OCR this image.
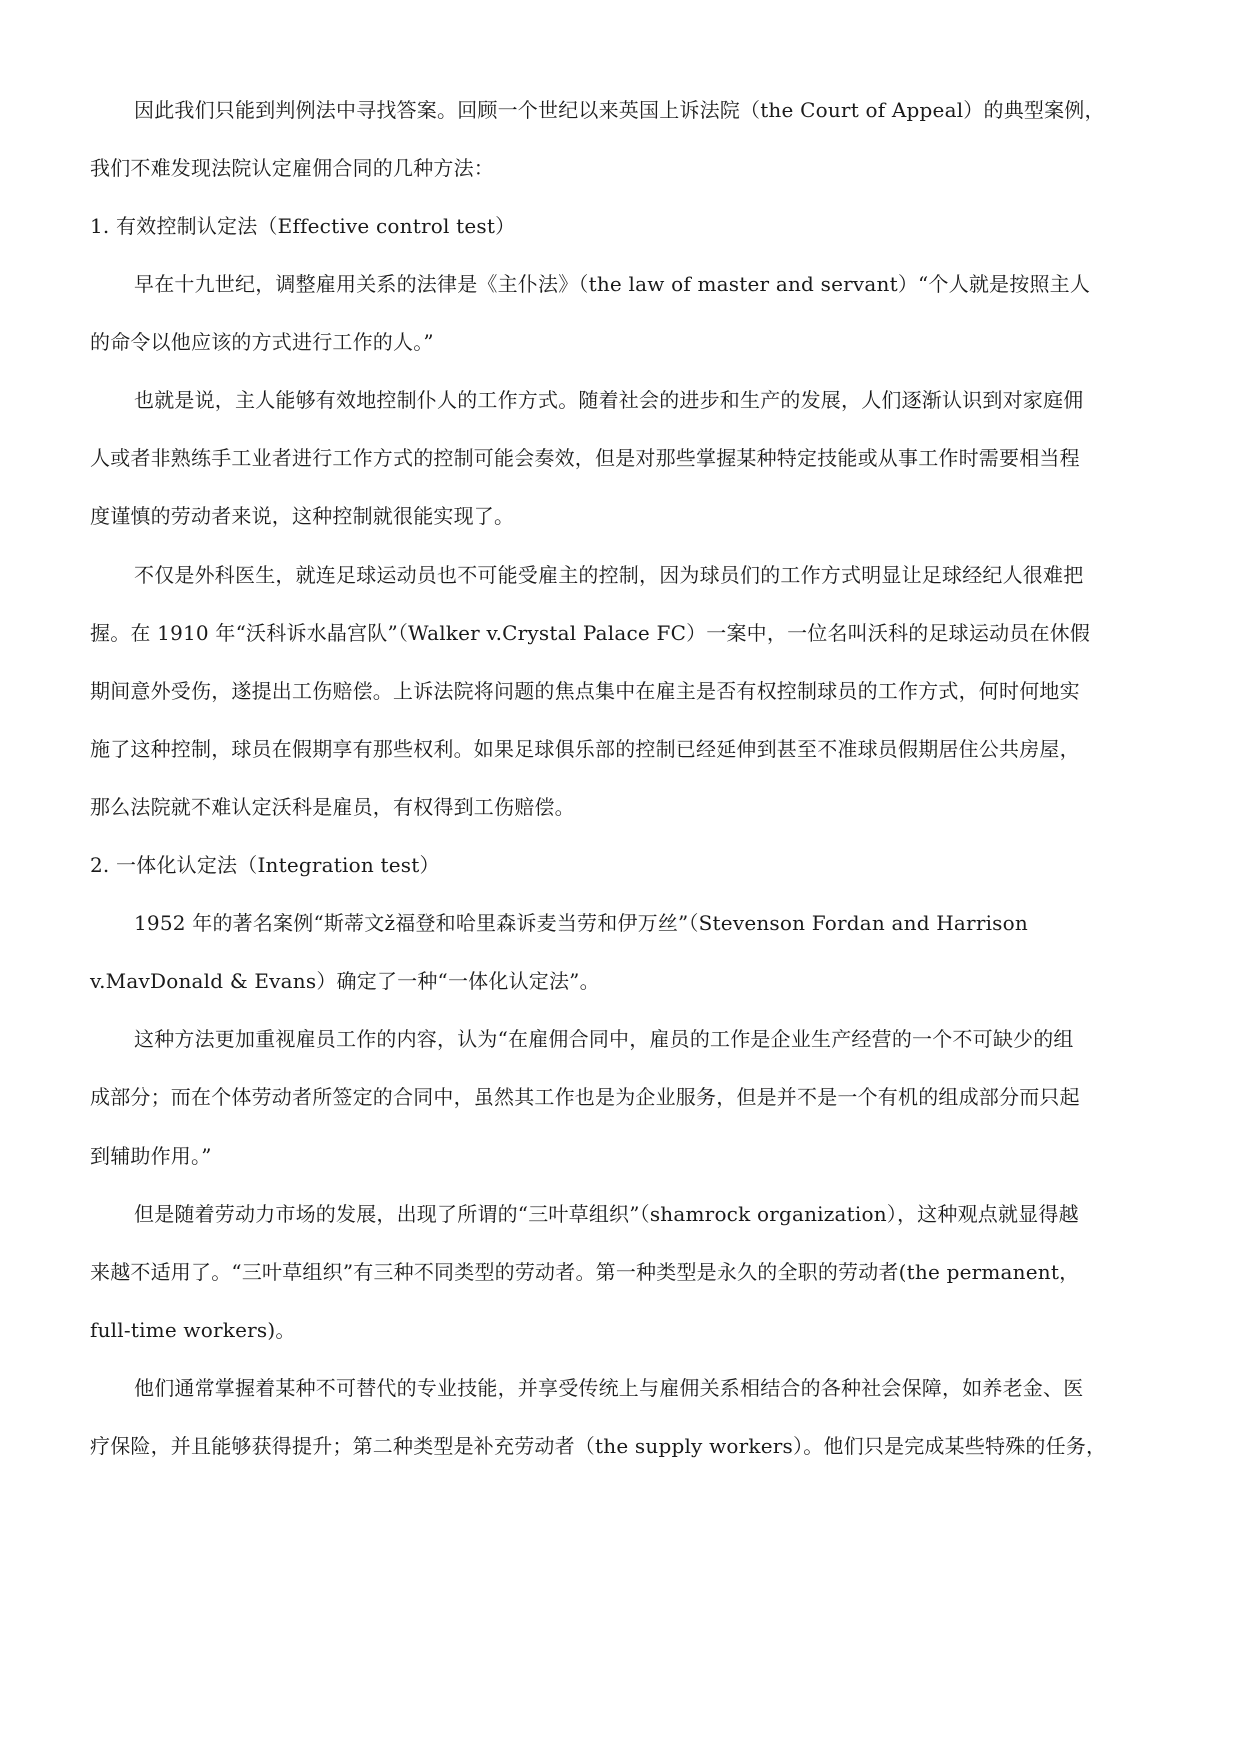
因此我们只能到判例法中寻找答案。回顾一个世纪以来英国上诉法院（the Court of Appeal）的典型案例，
我们不难发现法院认定雇佣合同的几种方法：
1. 有效控制认定法（Effective control test）
早在十九世纪，调整雇用关系的法律是《主仆法》（the law of master and servant）“个人就是按照主人
的命令以他应该的方式进行工作的人。”
也就是说，主人能够有效地控制仆人的工作方式。随着社会的进步和生产的发展，人们逐渐认识到对家庭佣
人或者非熟练手工业者进行工作方式的控制可能会奏效，但是对那些掌握某种特定技能或从事工作时需要相当程
度谨慎的劳动者来说，这种控制就很能实现了。
不仅是外科医生，就连足球运动员也不可能受雇主的控制，因为球员们的工作方式明显让足球经纪人很难把
握。在 1910 年“沃科诉水晶宫队”（Walker v.Crystal Palace FC）一案中，一位名叫沃科的足球运动员在休假
期间意外受伤，遂提出工伤赔偿。上诉法院将问题的焦点集中在雇主是否有权控制球员的工作方式，何时何地实
施了这种控制，球员在假期享有那些权利。如果足球俱乐部的控制已经延伸到甚至不准球员假期居住公共房屋，
那么法院就不难认定沃科是雇员，有权得到工伤赔偿。
2. 一体化认定法（Integration test）
1952 年的著名案例“斯蒂文ž福登和哈里森诉麦当劳和伊万丝”（Stevenson Fordan and Harrison
v.MavDonald & Evans）确定了一种“一体化认定法”。
这种方法更加重视雇员工作的内容，认为“在雇佣合同中，雇员的工作是企业生产经营的一个不可缺少的组
成部分；而在个体劳动者所签定的合同中，虽然其工作也是为企业服务，但是并不是一个有机的组成部分而只起
到辅助作用。”
但是随着劳动力市场的发展，出现了所谓的“三叶草组织”（shamrock organization），这种观点就显得越
来越不适用了。“三叶草组织”有三种不同类型的劳动者。第一种类型是永久的全职的劳动者(the permanent，
full-time workers)。
他们通常掌握着某种不可替代的专业技能，并享受传统上与雇佣关系相结合的各种社会保障，如养老金、医
疗保险，并且能够获得提升；第二种类型是补充劳动者（the supply workers）。他们只是完成某些特殊的任务，
